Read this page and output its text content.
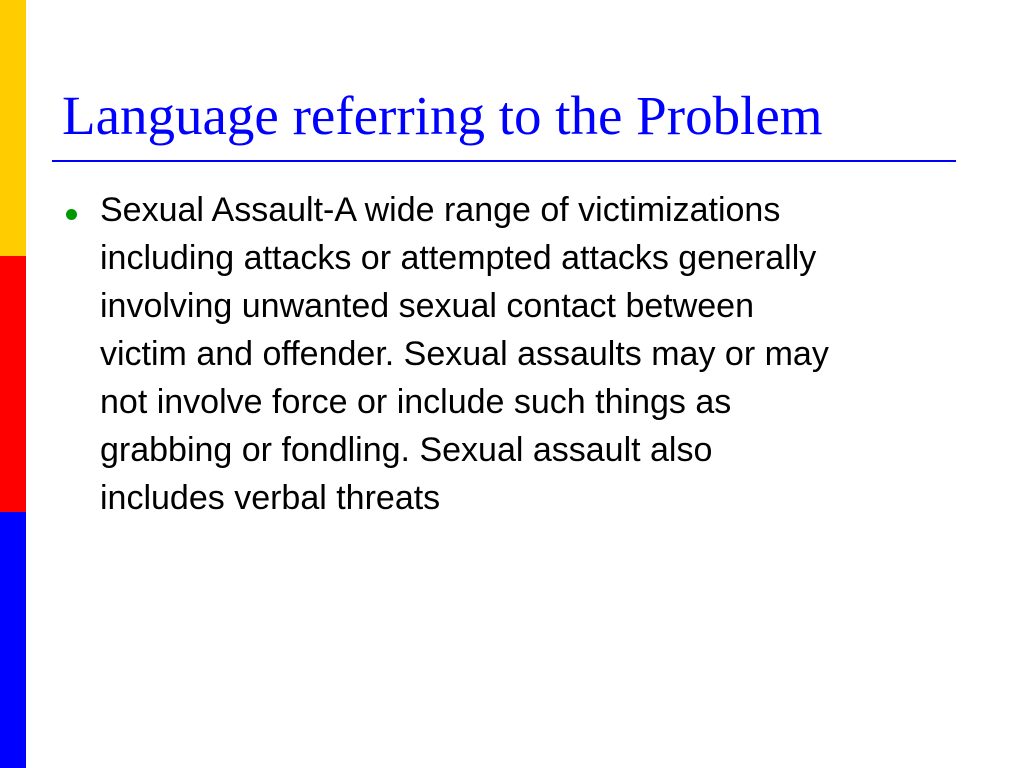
Language referring to the Problem
Sexual Assault-A wide range of victimizations
including attacks or attempted attacks generally
involving unwanted sexual contact between
victim and offender. Sexual assaults may or may
not involve force or include such things as
grabbing or fondling. Sexual assault also
includes verbal threats
